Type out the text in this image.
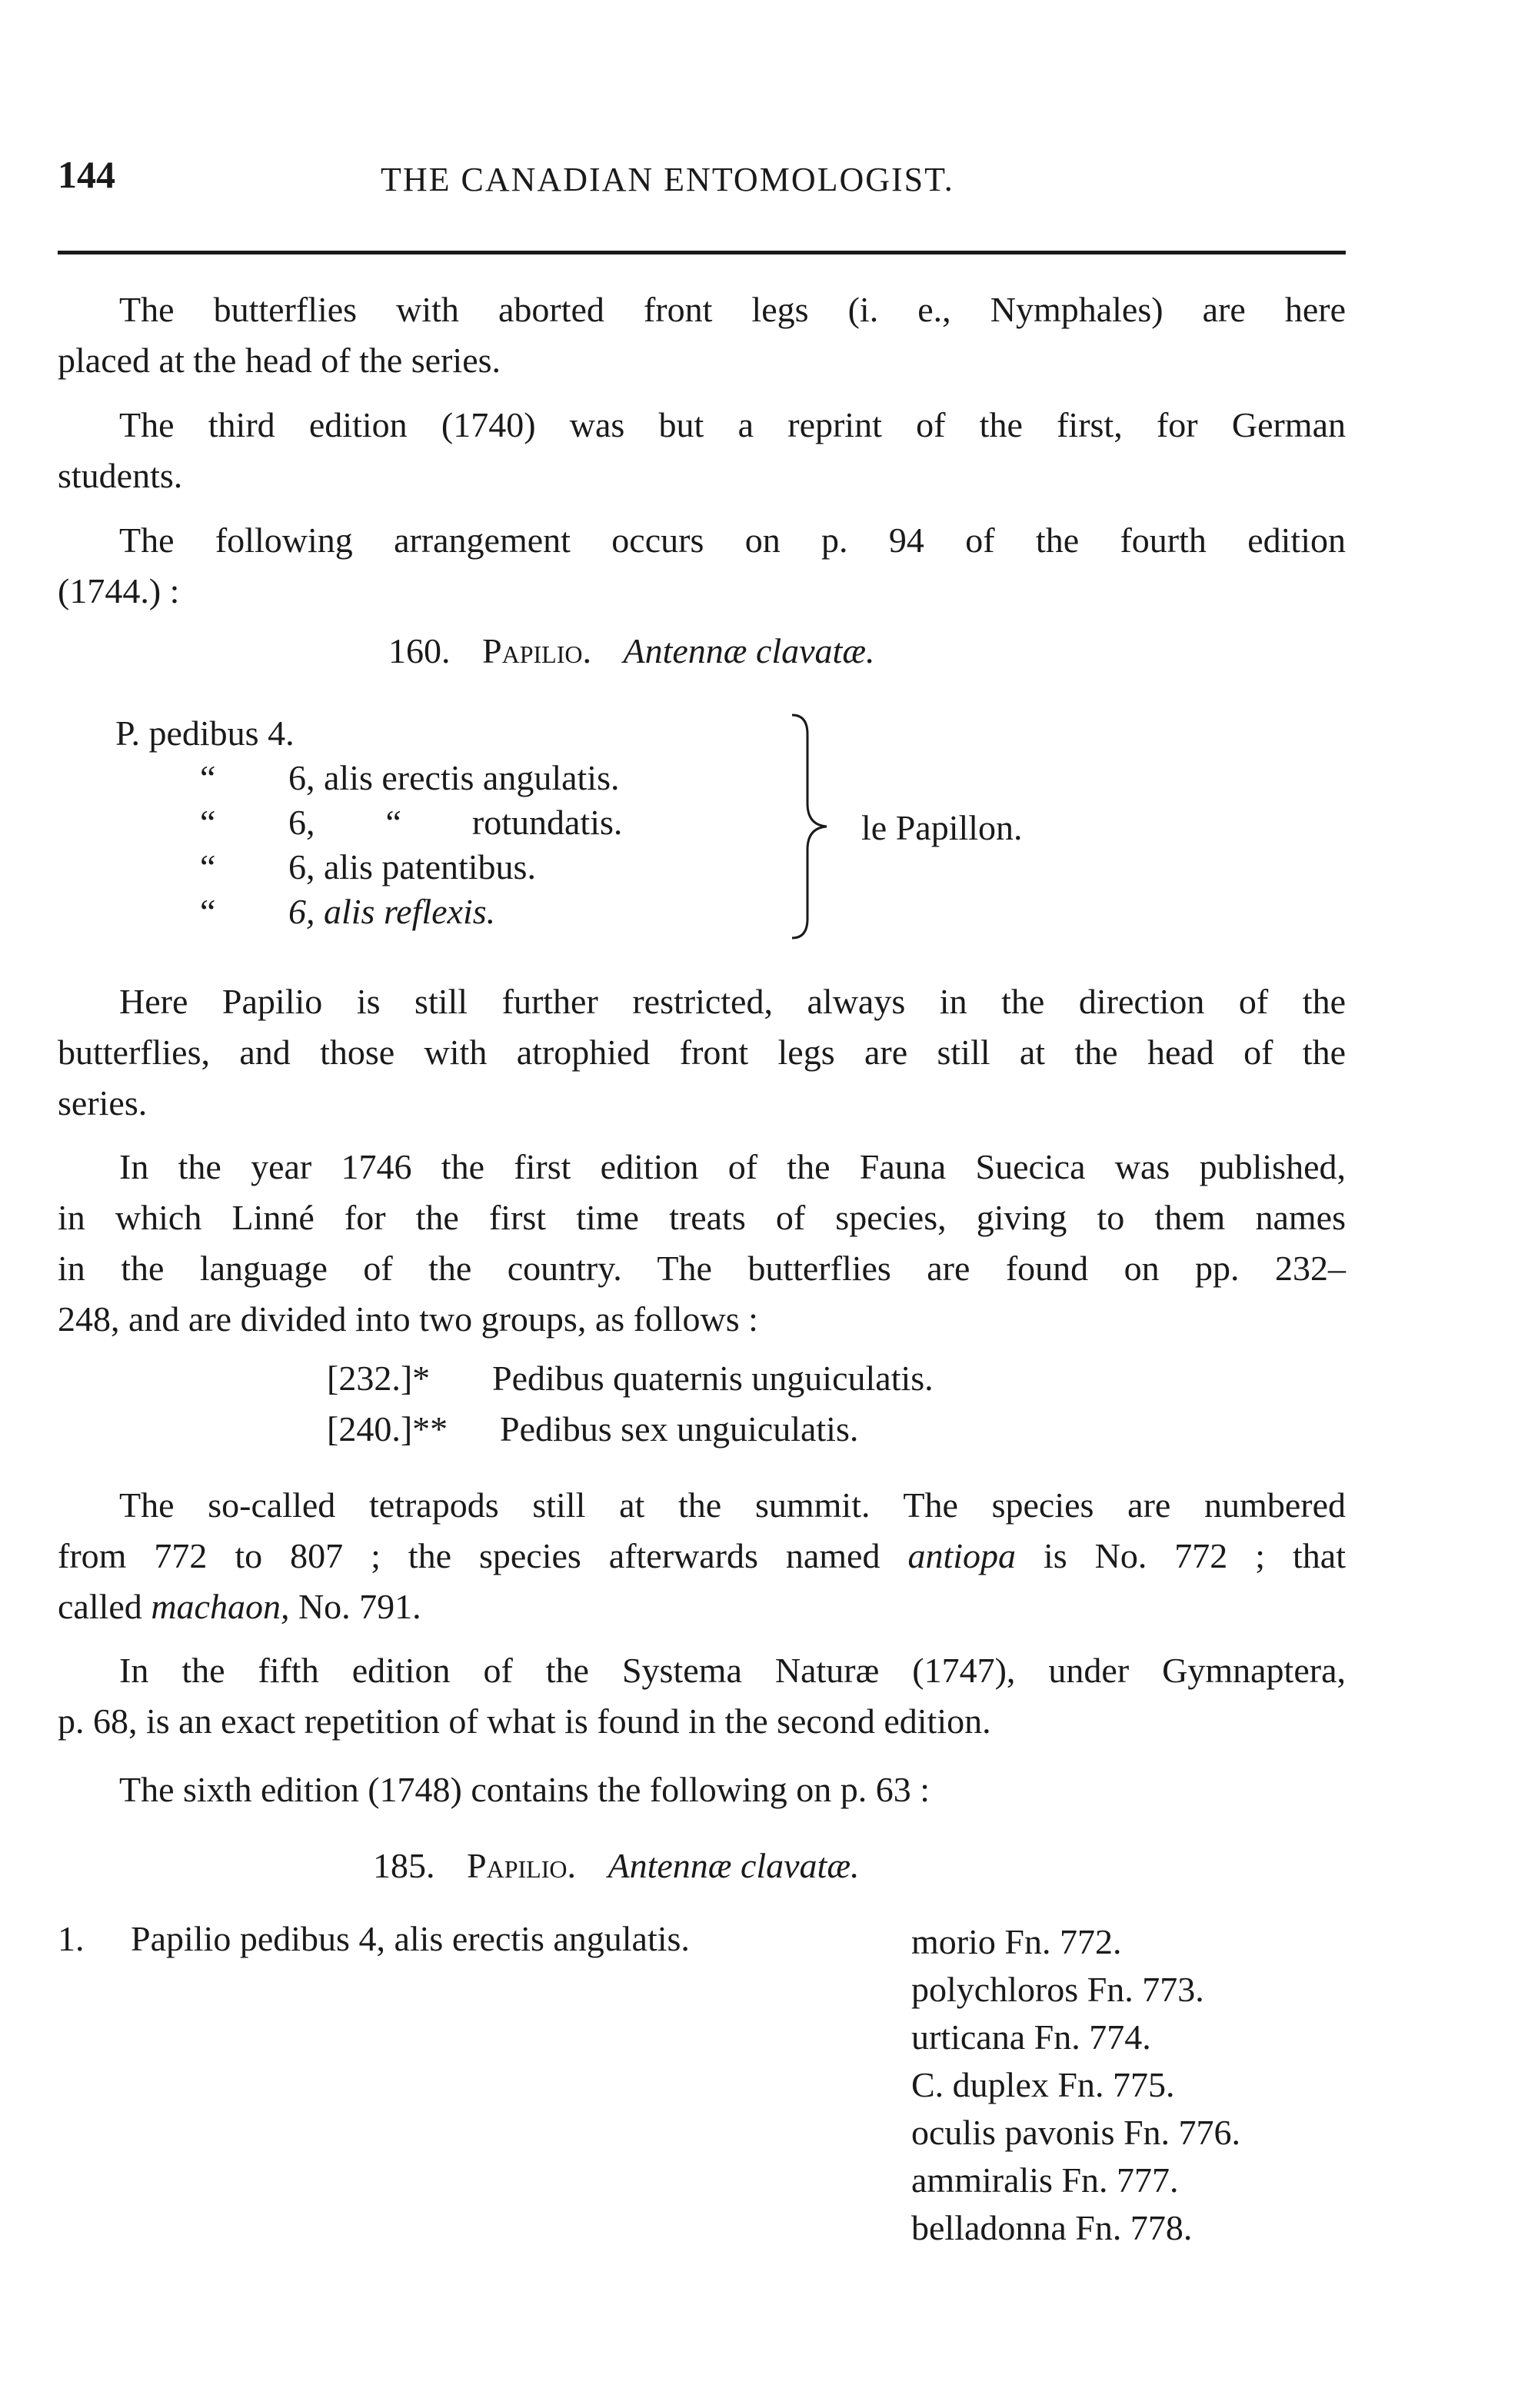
144	THE CANADIAN ENTOMOLOGIST.
The butterflies with aborted front legs (i. e., Nymphales) are here
placed at the head of the series.
The third edition (1740) was but a reprint of the first, for German
students.
The following arrangement occurs on p. 94 of the fourth edition
(1744.) :
160. Papilio. Antennæ clavatæ.
P. pedibus 4.
“ 6, alis erectis angulatis.
“ 6,        “        rotundatis.
“ 6, alis patentibus.
“ 6, alis reflexis.
le Papillon.
Here Papilio is still further restricted, always in the direction of the
butterflies, and those with atrophied front legs are still at the head of the
series.
In the year 1746 the first edition of the Fauna Suecica was published,
in which Linné for the first time treats of species, giving to them names
in the language of the country. The butterflies are found on pp. 232–
248, and are divided into two groups, as follows :
[232.]* Pedibus quaternis unguiculatis.
[240.]** Pedibus sex unguiculatis.
The so-called tetrapods still at the summit. The species are numbered
from 772 to 807 ; the species afterwards named antiopa is No. 772 ; that
called machaon, No. 791.
In the fifth edition of the Systema Naturæ (1747), under Gymnaptera,
p. 68, is an exact repetition of what is found in the second edition.
The sixth edition (1748) contains the following on p. 63 :
185. Papilio. Antennæ clavatæ.
1. Papilio pedibus 4, alis erectis angulatis.	morio Fn. 772.
polychloros Fn. 773.
urticana Fn. 774.
C. duplex Fn. 775.
oculis pavonis Fn. 776.
ammiralis Fn. 777.
belladonna Fn. 778.
